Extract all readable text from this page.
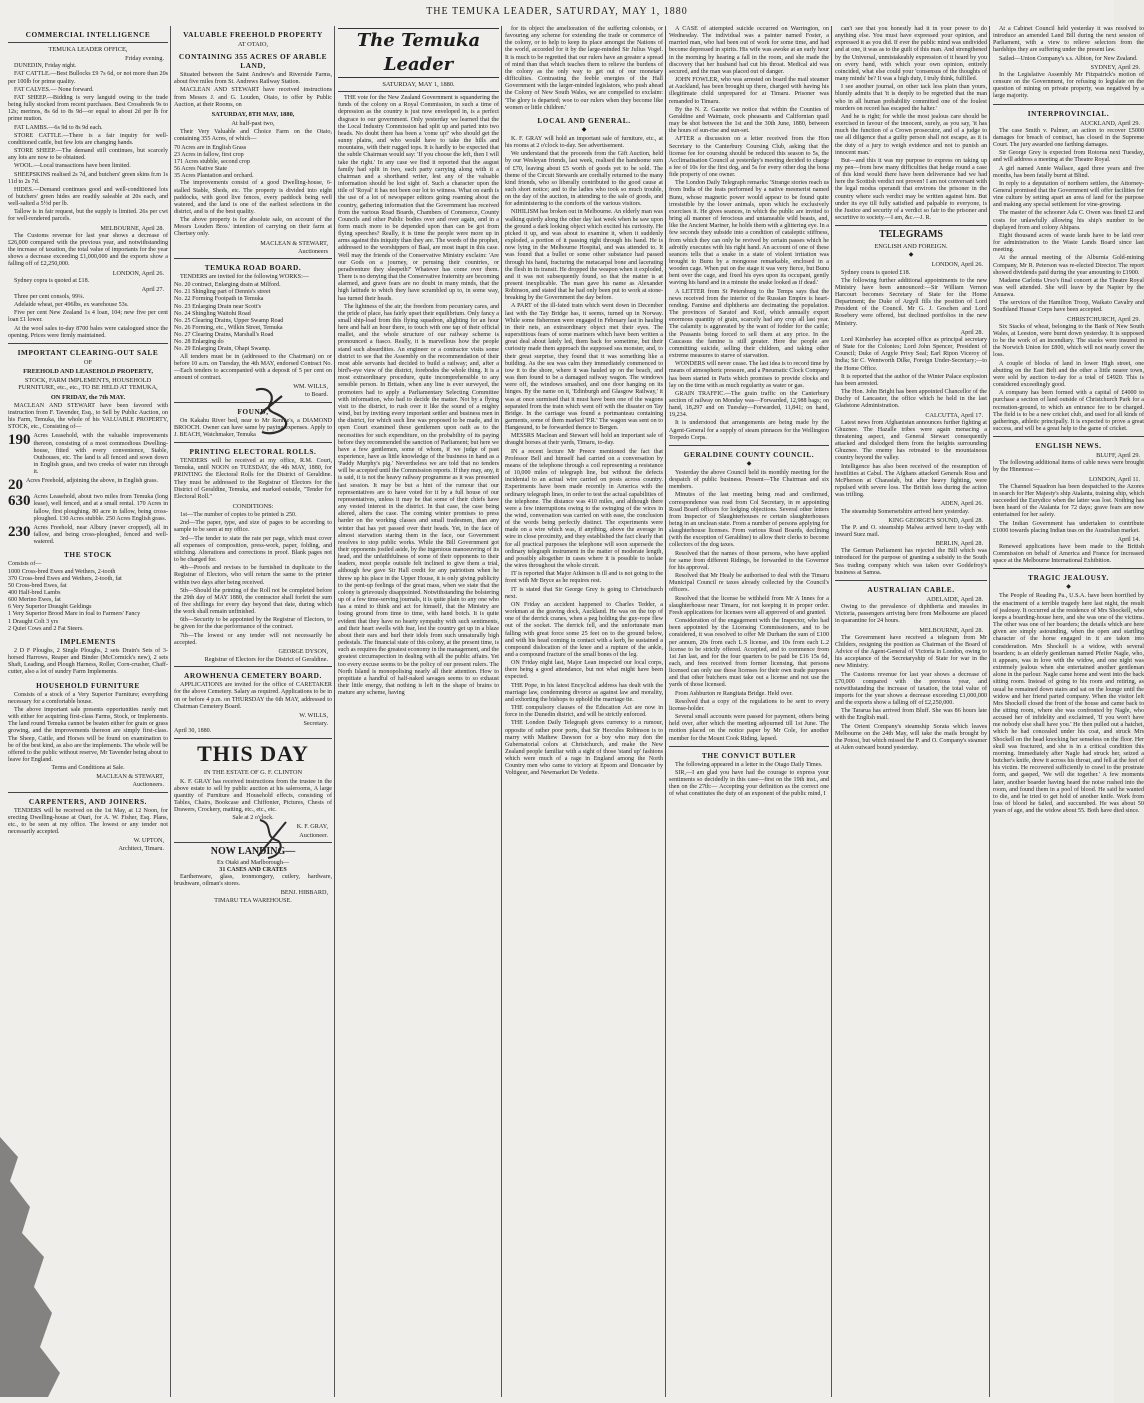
THE TEMUKA LEADER, SATURDAY, MAY 1, 1880
COMMERCIAL INTELLIGENCE
TEMUKA LEADER OFFICE,
Friday evening.

DUNEDIN, Friday night.

FAT CATTLE.—Best Bullocks £9 7s 6d, or not more than 20s per 100lb for prime quality.

FAT CALVES.— None forward.

FAT SHEEP.—Bidding is very languid owing to the trade being fully stocked from recent purchases. Best Crossbreds 9s to 12s; merinos, 8s 6d to 8s 9d—or equal to about 2d per lb for prime mutton.

FAT LAMBS.—6s 9d to 8s 9d each.

STORE CATTLE.—There is a fair inquiry for well-conditioned cattle, but few lots are changing hands.

STORE SHEEP.—The demand still continues, but scarcely any lots are now to be obtained.

WOOL.—Local transactions have been limited.

SHEEPSKINS realised 2s 7d, and butchers' green skins fr.m 1s 11d to 2s 7d.

HIDES.—Demand continues good and well-conditioned lots of butchers' green hides are readily saleable at 20s each, and well-salted a 5½d per lb.

Tallow is in fair request, but the supply is limited. 26s per cwt for well-rendered parcels.

MELBOURNE, April 28.

The Customs revenue for last year shows a decrease of £26,000 compared with the previous year, and notwithstanding the increase of taxation, the total value of importants for the year shows a decrease exceeding £1,000,000 and the exports show a falling off of £2,250,000.

LONDON, April 26.

Sydney copra is quoted at £18.

April 27.

Three per cent consols, 99¼.

Adelaide wheat, per 496lbs, ex warehouse 53s.

Five per cent New Zealand 1s 4 loan, 104; new five per cent loan £1 lower.

At the wool sales to-day 8700 bales were catalogued since the opening. Prices were firmly maintained.

IMPORTANT CLEARING-OUT SALE
OF
FREEHOLD AND LEASEHOLD PROPERTY,
STOCK, FARM IMPLEMENTS, HOUSEHOLD FURNITURE, etc., etc., TO BE HELD AT TEMUKA,
ON FRIDAY, the 7th MAY.

MACLEAN AND STEWART have been favored with instruction from F. Tavender, Esq., to Sell by Public Auction, on his Farm, Temuka, the whole of his VALUABLE PROPERTY, STOCK, etc., Consisting of—

190 Acres Leasehold, with the valuable improvements thereon, consisting of a most commodious Dwelling-house, fitted with every convenience, Stable, Outhouses, etc. The land is all fenced and sown down in English grass, and two creeks of water run through it.
20 Acres Freehold, adjoining the above, in English grass.
630 Acres Leasehold, about two miles from Temuka (long lease), well fenced, and at a small rental. 170 Acres in fallow, first ploughing. 80 acre in fallow, being cross-ploughed. 130 Acres stubble. 250 Acres English grass.
230 Acres Freehold, near Albury (never cropped), all in fallow, and being cross-ploughed, fenced and well-watered.
THE STOCK
Consists of—
1000 Cross-bred Ewes and Wethers, 2-tooth
370 Cross-bred Ewes and Wethers, 2-tooth, fat
50 Cross-bred Ewes, fat
400 Half-bred Lambs
600 Merino Ewes, fat
6 Very Superior Draught Geldings
1 Very Superior Brood Mare in foal to Farmers' Fancy
1 Draught Colt 3 yrs
2 Quiet Cows and 2 Fat Steers.
IMPLEMENTS

2 D F Ploughs, 2 Single Ploughs, 2 sets Drain's Sets of 3-horsed Harrows, Reaper and Binder (McCormick's new), 2 sets Shaft, Leading, and Plough Harness, Roller, Corn-crusher, Chaff-cutter, also a lot of sundry Farm Implements.

HOUSEHOLD FURNITURE

Consists of a stock of a Very Superior Furniture; everything necessary for a comfortable house.

The above important sale presents opportunities rarely met with either for acquiring first-class Farms, Stock, or Implements. The land round Temuka cannot be beaten either for grain or grass growing, and the improvements thereon are simply first-class. The Sheep, Cattle, and Horses will be found on examination to be of the best kind, as also are the implements. The whole will be offered to the public without reserve, Mr Tavender being about to leave for England.

Terms and Conditions at Sale.
MACLEAN & STEWART,
Auctioneers.
CARPENTERS, AND JOINERS.

TENDERS will be received on the 1st May, at 12 Noon, for erecting Dwelling-house at Otari, for A. W. Fisher, Esq. Plans, etc., to be seen at my office. The lowest or any tender not necessarily accepted.

W. UPTON,
Architect, Timaru.
VALUABLE FREEHOLD PROPERTY
AT OTAIO,
CONTAINING 355 ACRES OF ARABLE LAND,

Situated between the Saint Andrew's and Riverside Farms, about five miles from St. Andrews Railway Station.

MACLEAN AND STEWART have received instructions from Messrs J. and G. Louden, Otaio, to offer by Public Auction, at their Rooms, on

SATURDAY, 8TH MAY, 1880,
At half-past two,

Their Very Valuable and Choice Farm on the Otaio, containing 355 Acres, of which—

70 Acres are in English Grass
23 Acres in fallow, first crop
171 Acres stubble, second crop
56 Acres Native State
35 Acres Plantation and orchard.

The improvements consist of a good Dwelling-house, 6-stalled Stable, Sheds, etc. The property is divided into eight paddocks, with good live fences, every paddock being well watered, and the land is one of the earliest selections in the district, and is of the best quality.

The above property is for absolute sale, on account of the Messrs Louden Bros.' intention of carrying on their farm at Chertsey only.

MACLEAN & STEWART,
Auctioneers
TEMUKA ROAD BOARD.

TENDERS are invited for the following WORKS:—

No. 20 contract, Enlarging drain at Milford.
No. 21 Shingling part of Dennis's street
No. 22 Forming Footpath in Temuka
No. 23 Enlarging Drain near Scott's
No. 24 Shingling Waitohi Road
No. 25 Clearing Drains, Upper Swamp Road
No. 26 Forming, etc., Wilkin Street, Temuka
No. 27 Clearing Drains, Marshall's Road
No. 28 Enlarging do
No. 29 Enlarging Drain, Ohapi Swamp.

All tenders must be in (addressed to the Chairman) on or before 10 a.m. on Tuesday, the 4th MAY, endorsed Contract No.—Each tenders to accompanied with a deposit of 5 per cent on amount of contract.

WM. WILLS,
to Board.
FOUND,

On Kakahu River bed, near to Mr Rennie's, a DIAMOND BROOCH. Owner can have same by paying expenses. Apply to J. BEACH, Watchmaker, Temuka

PRINTING ELECTORAL ROLLS.

TENDERS will be received at my office, R.M. Court, Temuka, until NOON on TUESDAY, the 4th MAY, 1880, for PRINTING the Electoral Rolls for the District of Geraldine. They must be addressed to the Registrar of Electors for the District of Geraldine, Temuka, and marked outside, "Tender for Electoral Roll."

CONDITIONS:

1st—The number of copies to be printed is 250.

2nd—The paper, type, and size of pages to be according to sample to be seen at my office.

3rd—The tender to state the rate per page, which must cover all expenses of composition, press-work, paper, folding, and stitching. Alterations and corrections in proof. Blank pages not to be charged for.

4th—Proofs and revises to be furnished in duplicate to the Registrar of Electors, who will return the same to the printer within two days after being received.

5th—Should the printing of the Roll not be completed before the 29th day of MAY 1880, the contractor shall forfeit the sum of five shillings for every day beyond that date, during which the work shall remain unfinished.

6th—Security to be appointed by the Registrar of Electors, to be given for the due performance of the contract.

7th—The lowest or any tender will not necessarily be accepted.

GEORGE DYSON,
Registrar of Electors for the District of Geraldine.
AROWHENUA CEMETERY BOARD.

APPLICATIONS are invited for the office of CARETAKER for the above Cemetery. Salary as required. Applications to be in on or before 4 p.m. on THURSDAY the 6th MAY, addressed to Chairman Cemetery Board.

W. WILLS,
Secretary.
April 30, 1880.
THIS DAY
IN THE ESTATE OF G. F. CLINTON

K. F. GRAY has received instructions from the trustee in the above estate to sell by public auction at his salerooms, A large quantity of Furniture and Household effects, consisting of Tables, Chairs, Bookcase and Chiffonier, Pictures, Chests of Drawers, Crockery, matting, etc., etc., etc.

Sale at 2 o'clock.
K. F. GRAY,
Auctioneer.
NOW LANDING—
Ex Otaki and Marlborough—
31 CASES AND CRATES

Earthenware, glass, ironmongery, cutlery, hardware, brushware, oilman's stores.

BENJ. HIBBARD,
TIMARU TEA WAREHOUSE.
The Temuka Leader
SATURDAY, MAY 1, 1880.

THE vote for the New Zealand Government is squandering the funds of the colony on a Royal Commission, in such a time of depression as the country is just now enveloped in, is a perfect disgrace to our government. Only yesterday we learned that the the Local Industry Commission had split up and parted into two heads. No doubt there has been a 'come up!' who should get the sunny plains, and who would have to take the hills and mountains, with their rugged tops. It is hardly to be expected that the subtle Chairman would say: 'If you choose the left, then I will take the right.' In any case we find it reported that the august family had split in two, each party carrying along with it a chairman and a shorthand writer, lest any of the valuable information should be lost sight of. Such a character upon the title of 'Royal' it has not been our lot to witness. What on earth is the use of a lot of newspaper editors going roaming about the country, gathering information that the Government has received from the various Road Boards, Chambers of Commerce, County Councils and other Public bodies over and over again, and in a form much more to be depended upon than can be got from flying speeches? Really, it is time the people were more up in arms against this iniquity than they are. The words of the prophet, addressed to the worshippers of Baal, are most inapt in this case. Well may the friends of the Conservative Ministry exclaim: 'Are our Gods on a journey, or perusing their countries, or peradventure they sleepeth?' Whatever has come over them. There is no denying that the Conservative fraternity are becoming alarmed, and grave fears are no doubt in many minds, that the high latitude to which they have scrambled up to, in some way, has turned their heads.

The lightness of the air; the freedom from pecuniary cares, and the pride of place, has fairly upset their equilibrium. Only fancy a small ship-load from this flying squadron, alighting for an hour here and half an hour there, to touch with one tap of their official mallet, and the whole structure of our railway scheme is pronounced a fiasco. Really, it is marvellous how the people stand such absurdities. An engineer or a contractor visits some district to see that the Assembly on the recommendation of their most able servants had decided to build a railway; and, after a bird's-eye view of the district, forebodes the whole thing. It is a most extraordinary procedure, quite incomprehensible to any sensible person. In Britain, when any line is ever surveyed, the promoters had to apply a Parliamentary Selecting Committee with information, who had to decide the matter. Not by a flying visit to the district, to rush over it like the sound of a mighty wind, but by inviting every important settler and business men in the district, for which such line was proposed to be made, and in open Court examined these gentlemen upon oath as to the necessities for such expenditure, on the probability of its paying before they recommended the sanction of Parliament; but here we have a few gentlemen, some of whom, if we judge of past experience, have as little knowledge of the business in hand as a 'Paddy Murphy's pig.' Nevertheless we are told that no tenders will be accepted until the Commission reports. If they may, any, it is said, it is not the heavy railway programme as it was presented last session. It may be but a hint of the rumour that our representatives are to have voted for it by a full house of our representatives, unless it may be that some of their chiefs have any vested interest in the district. In that case, the case being altered, alters the case. The coming winter promises to press harder on the working classes and small tradesmen, than any winter that has yet passed over their heads. Yet, in the face of almost starvation staring them in the face, our Government resolves to stop public works. While the Bill Government got their opponents jostled aside, by the ingenious manoeuvring of its head, and the unfaithfulness of some of their opponents to their leaders, most people outside felt inclined to give them a trial, although few gave Sir Hall credit for any patriotism when he threw up his place in the Upper House, it is only giving publicity to the pent-up feelings of the great mass, when we state that the colony is grievously disappointed. Notwithstanding the bolstering up of a few time-serving journals, it is quite plain to any one who has a mind to think and act for himself, that the Ministry are losing ground from time to time, with hand botch. It is quite evident that they have no hearty sympathy with such sentiments, and their heart swells with fear, lest the country get up in a blaze about their ears and hurl their idols from such unnaturally high pedestals. The financial state of this colony, at the present time, is such as requires the greatest economy in the management, and the greatest circumspection in dealing with all the public affairs. Yet too every excuse seems to be the policy of our present rulers. The North Island is monopolising nearly all their attention. How to propitiate a handful of half-naked savages seems to so exhaust their little energy, that nothing is left in the shape of brains to mature any scheme, having

for its object the amelioration of the suffering colonists, or favouring any scheme for extending the trade or commerce of the colony, or to help to keep its place amongst the Nations of the world, accorded for it by the large-minded Sir Julius Vogel. It is much to be regretted that our rulers have an greater a spread of mind than that which teaches them to relieve the burdens of the colony as the only way to get out of our monetary difficulties. Contrasting the feeble energies of the Hall Government with the larger-minded legislators, who push ahead the Colony of New South Wales, we are compelled to exclaim: 'The glory is departed; woe to our rulers when they become like women or little children.'

LOCAL AND GENERAL.
◆

K. F. GRAY will hold an important sale of furniture, etc., at his rooms at 2 o'clock to-day. See advertisement.

We understand that the proceeds from the Gift Auction, held by our Wesleyan friends, last week, realised the handsome sum of £70, leaving about £5 worth of goods yet to be sold. The theme of the Circuit Stewards are cordially returned to the many kind friends, who so liberally contributed to the good cause at such short notice; and to the ladies who took so much trouble, on the day of the auction, in attending to the sale of goods, and for administering to the comforts of the various visitors.

NIHILISM has broken out in Melbourne. An elderly man was walking quietly along the other day last week when he saw upon the ground a dark looking object which excited his curiosity. He picked it up, and was about to examine it, when it suddenly exploded, a portion of it passing right through his hand. He is now lying in the Melbourne Hospital, and was attended to. It was found that a bullet or some other substance had passed through his hand, fracturing the metacarpal bone and lacerating the flesh in its transit. He dropped the weapon when it exploded, and it was not subsequently found, so that the matter is at present inexplicable. The man gave his name as Alexander Robinson, and stated that he had only been put to work at stone-breaking by the Government the day before.

A PART of the ill-fated train which went down in December last with the Tay Bridge has, it seems, turned up in Norway. While some fishermen were engaged in February last in hauling in their nets, an extraordinary object met their eyes. The superstitious fears of some mariners which have been written a great deal about lately led, them back for sometime, but their curiosity made them approach the supposed sea monster, and, to their great surprise, they found that it was something like a building. As the sea was calm they immediately commenced to tow it to the shore, where it was hauled up on the beach, and was then found to be a damaged railway wagon. The windows were off, the windows smashed, and one door hanging on its hinges. By the name on it, 'Edinburgh and Glasgow Railway,' it was at once surmised that it must have been one of the wagons separated from the train which went off with the disaster on Tay Bridge. In the carriage was found a portmanteau containing garments, some of them marked 'P.R.' The wagon was sent on to Hangesund, to be forwarded thence to Bergen.

MESSRS Maclean and Stewart will hold an important sale of draught horses at their yards, Timaru, to-day.

IN a recent lecture Mr Preece mentioned the fact that Professor Bell and himself had carried on a conversation by means of the telephone through a coil representing a resistance of 10,000 miles of telegraph line, but without the defects incidental to an actual wire carried on posts across country. Experiments have been made recently in America with the ordinary telegraph lines, in order to test the actual capabilities of the telephone. The distance was 410 miles, and although there were a few interruptions owing to the swinging of the wires in the wind, conversation was carried on with ease, the conclusion of the words being perfectly distinct. The experiments were made on a wire which was, if anything, above the average in wire in close proximity, and they established the fact clearly that for all practical purposes the telephone will soon supersede the ordinary telegraph instrument in the matter of moderate length, and possibly altogether in cases where it is possible to isolate the wires throughout the whole circuit.

IT is reported that Major Atkinson is ill and is not going to the front with Mr Bryce as he requires rest.

IT is stated that Sir George Grey is going to Christchurch next.

ON Friday an accident happened to Charles Tedder, a workman at the graving dock, Auckland. He was on the top of one of the derrick cranes, when a peg holding the guy-rope flew out of the socket. The derrick fell, and the unfortunate man falling with great force some 25 feet on to the ground below, and with his head coming in contact with a kerb, he sustained a compound dislocation of the knee and a rupture of the ankle, and a compound fracture of the small bones of the leg.

ON Friday night last, Major Lean inspected our local corps, there being a good attendance, but not what might have been expected.

THE Pope, in his latest Encyclical address has dealt with the marriage law, condemning divorce as against law and morality, and exhorting the bishops to uphold the marriage tie.

THE compulsory clauses of the Education Act are now in force in the Dunedin district, and will be strictly enforced.

THE London Daily Telegraph gives currency to a rumour, opposite of rather poor ports, that Sir Hercules Robinson is to marry with Mathew Dawson for a boy who may don the Gubernatorial colors at Christchurch, and make the New Zealand people familiar with a sight of those 'stand up' fashions which were much of a rage in England among the North Country men who came to victory at Epsom and Doncaster by Voltigeur, and Newmarket De Vedette.

A CASE of attempted suicide occurred on Warrington, on Wednesday. The individual was a painter named Foster, a married man, who had been out of work for some time, and had become depressed in spirits. His wife was awoke at an early hour in the morning by hearing a fall in the room, and she made the discovery that her husband had cut his throat. Medical aid was secured, and the man was placed out of danger.

JOHN FOWLER, who was arrested on board the mail steamer at Auckland, has been brought up there, charged with having his illegitimate child unprepared for at Timaru. Prisoner was remanded to Timaru.

By the N. Z. Gazette we notice that within the Counties of Geraldine and Waimate, cock pheasants and Californian quail may be shot between the 1st and the 30th June, 1880, between the hours of sun-rise and sun-set.

AFTER a discussion on a letter received from the Hon Secretary to the Canterbury Coursing Club, asking that the license fee for coursing should be reduced this season to 5s, the Acclimatisation Council at yesterday's meeting decided to charge a fee of 10s for the first dog, and 5s for every other dog the bona fide property of one owner.

The London Daily Telegraph remarks: 'Strange stories reach us from India of the feats performed by a native mesmerist named Bunu, whose magnetic power would appear to be found quite irresistible by the lower animals, upon which he exclusively exercises it. He gives seances, in which the public are invited to bring all manner of ferocious and untameable wild beasts, and, like the Ancient Mariner, he holds them with a glittering eye. In a few seconds they subside into a condition of cataleptic stiffness, from which they can only be revived by certain passes which he adroitly executes with his right hand. An account of one of these seances tells that a snake in a state of violent irritation was brought to Bunu by a mongoose remarkable, enclosed in a wooden cage. When put on the stage it was very fierce, but Bunu bent over the cage, and fixed his eyes upon its occupant, gently waving his hand and in a minute the snake looked as if dead.'

A LETTER from St Petersburg to the Temps says that the news received from the interior of the Russian Empire is heart-rending. Famine and diphtheria are decimating the population. The provinces of Saratof and Koif, which annually export enormous quantity of grain, scarcely had any crop all last year. The calamity is aggravated by the want of fodder for the cattle; the Peasants being forced to sell them at any price. In the Caucasus the famine is still greater. Here the people are committing suicide, selling their children, and taking other extreme measures to starve of starvation.

WONDERS will never cease. The last idea is to record time by means of atmospheric pressure, and a Pneumatic Clock Company has been started in Paris which promises to provide clocks and lay on the time with as much regularity as water or gas.

GRAIN TRAFFIC.—The grain traffic on the Canterbury section of railway on Monday was—Forwarded, 12,988 bags; on hand, 18,297 and on Tuesday—Forwarded, 11,841; on hand, 19,234.

It is understood that arrangements are being made by the Agent-General for a supply of steam pinnaces for the Wellington Torpedo Corps.

GERALDINE COUNTY COUNCIL.
◆

Yesterday the above Council held its monthly meeting for the despatch of public business. Present—The Chairman and six members.

Minutes of the last meeting being read and confirmed, correspondence was read from Col Secretary, in re appointing Road Board officers for lodging objections. Several other letters from Inspector of Slaughterhouses re certain slaughterhouses being in an unclean state. From a number of persons applying for slaughterhouse licenses. From various Road Boards, declining (with the exception of Geraldine) to allow their clerks to become collectors of the dog taxes.

Resolved that the names of those persons, who have applied for same from different Ridings, be forwarded to the Governor for his approval.

Resolved that Mr Healy be authorised to deal with the Timaru Municipal Council re taxes already collected by the Council's officers.

Resolved that the license be withheld from Mr A Innes for a slaughterhouse near Timaru, for not keeping it in proper order. Fresh applications for licenses were all approved of and granted.

Consideration of the engagement with the Inspector, who had been appointed by the Licensing Commissioners, and to be considered, it was resolved to offer Mr Durham the sum of £100 per annum, 20s from each L.S license, and 10s from each L.2 license to be strictly offered. Accepted, and to commence from 1st Jan last, and for the four quarters to be paid be £16 15s 6d, each, and fees received from former licensing, that persons licensed can only use those licenses for their own trade purposes and that other butchers must take out a license and not use the yards of those licensed.

From Ashburton re Rangitata Bridge. Held over.

Resolved that a copy of the regulations to be sent to every license-holder.

Several small accounts were passed for payment, others being held over, after which the meeting adjourned till 1st June. The motion placed on the notice paper by Mr Cole, for another member for the Mount Cook Riding, lapsed.

THE CONVICT BUTLER

The following appeared in a letter in the Otago Daily Times.

SIR,—I am glad you have had the courage to express your sentiments so decidedly in this case—first on the 19th inst., and then on the 27th:— Accepting your definition as the correct one of what constitutes the duty of an exponent of the public mind, I

can't see that you honestly had it in your power to do anything else. You must have expressed your opinion, and expressed it as you did. If ever the public mind was undivided and at one, it was as to the guilt of this man. And strengthened by the Universal, unmistakeably expression of it heard by you on every hand, with which your own opinion, entirely coincided, what else could your 'consensus of the thoughts of many minds' be? It was a high duty, I truly think, fulfilled.

I see another journal, on other tack less plain than yours, bluntly admits that 'it is deeply to be regretted that the man who in all human probability committed one of the foulest murders on record has escaped the halter.'

And he is right; for while the most jealous care should be exercised in favour of the innocent, surely, as you say, 'it has much the function of a Crown prosecutor, and of a judge to use all diligence that a guilty person shall not escape, as it is the duty of a jury to weigh evidence and not to punish an innocent man.'

But—and this it was my purpose to express on taking up my pen—from how many difficulties that hedge round a case of this kind would there have been deliverance had we had here the Scottish verdict not proven! I am not conversant with the legal modus operandi that environs the prisoner in the country where such verdict may be written against him. But under its eye till fully satisfied and palpable to everyone, is the Justice and security of a verdict so fair to the prisoner and securitive to society.—I am, &c.—J. R.

TELEGRAMS
ENGLISH AND FOREIGN.
◆
LONDON, April 26.

Sydney coura is quoted £18.

The following further additional appointments to the new Ministry have been announced:—Sir William Vernon Harcourt becomes Secretary of State for the Home Department; the Duke of Argyll fills the position of Lord President of the Council. Mr G. J. Goschen and Lord Rosebery were offered, but declined portfolios in the new Ministry.

April 28.

Lord Kimberley has accepted office as principal secretary of State for the Colonies; Lord John Spencer, President of Council; Duke of Argyle Privy Seal; Earl Ripon Viceroy of India; Sir C. Wentworth Dilke, Foreign Under-Secretary;—to the Home Office.

It is reported that the author of the Winter Palace explosion has been arrested.

The Hon. John Bright has been appointed Chancellor of the Duchy of Lancaster, the office which he held in the last Gladstone Administration.

CALCUTTA, April 17.

Latest news from Afghanistan announces further fighting at Ghuznee. The Hazalle tribes were again menacing a threatening aspect, and General Stewart consequently attacked and dislodged them from the heights surrounding Ghuznee. The enemy has retreated to the mountainous country beyond the valley.

Intelligence has also been received of the resumption of hostilities at Cabul. The Afghans attacked Generals Ross and McPherson at Charasiab, but after heavy fighting, were repulsed with severe loss. The British loss during the action was trifling.

ADEN, April 26.

The steamship Somersetshire arrived here yesterday.

KING GEORGE'S SOUND, April 28.

The P. and O. steamship Malwa arrived here to-day with inward Suez mail.

BERLIN, April 28.

The German Parliament has rejected the Bill which was introduced for the purpose of granting a subsidy to the South Sea trading company which was taken over Goddefroy's business at Samoa.

AUSTRALIAN CABLE.
ADELAIDE, April 28.

Owing to the prevalence of diphtheria and measles in Victoria, passengers arriving here from Melbourne are placed in quarantine for 24 hours.

MELBOURNE, April 28.

The Government have received a telegram from Mr Childers, resigning the position as Chairman of the Board of Advice of the Agent-General of Victoria in London, owing to his acceptance of the Secretaryship of State for war in the new Ministry.

The Customs revenue for last year shows a decrease of £70,000 compared with the previous year, and notwithstanding the increase of taxation, the total value of imports for the year shows a decrease exceeding £1,000,000 and the exports show a falling off of £2,250,000.

The Tararua has arrived from Bluff. She was 86 hours late with the English mail.

The Orient Company's steamship Sorata which leaves Melbourne on the 24th May, will take the mails brought by the Potosi, but which missed the P. and O. Company's steamer at Aden outward bound yesterday.

At a Cabinet Council held yesterday it was resolved to introduce an amended Land Bill during the next session of Parliament, with a view to relieve selectors from the hardships they are suffering under the present law.

Sailed—Union Company's s.s. Albion, for New Zealand.

SYDNEY, April 29.

In the Legislative Assembly Mr Fitzpatrick's motion of censure on the Government, for refusing to legislate on the question of mining on private property, was negatived by a large majority.

INTERPROVINCIAL.
AUCKLAND, April 29.

The case Smith v. Palmer, an action to recover £5000 damages for breach of contract, has closed in the Supreme Court. The jury awarded one farthing damages.

Sir George Grey is expected from Rotorua next Tuesday, and will address a meeting at the Theatre Royal.

A girl named Annie Wallace, aged three years and five months, has been fatally burnt at Blind.

In reply to a deputation of northern settlers, the Attorney-General promised that the Government will offer facilities for vine culture by setting apart an area of land for the purpose and making any special settlement for vine-growing.

The master of the schooner Ada C. Owen was fined £2 and costs for unlawfully allowing his ship's number to be displayed from and colony Ahipara.

Eight thousand acres of waste lands have to be laid over for administration to the Waste Lands Board since last meeting.

At the annual meeting of the Alburnia Gold-mining Company, Mr R. Peterson was re-elected Director. The report showed dividends paid during the year amounting to £1900.

Madame Carlotta Urso's final concert at the Theatre Royal was well attended. She will leave by the Napier by the Anuawa.

The services of the Hamilton Troop, Waikato Cavalry and Southland Hussar Corps have been accepted.

CHRISTCHURCH, April 29.

Six Stacks of wheat, belonging to the Bank of New South Wales, at Leeston, were burnt down yesterday. It is supposed to be the work of an incendiary. The stacks were insured in the Norwich Union for £800, which will not nearly cover the loss.

A couple of blocks of land in lower High street, one abutting on the East Belt and the other a little nearer town, were sold by auction to-day for a total of £4920. This is considered exceedingly good.

A company has been formed with a capital of £4000 to purchase a section of land outside of Christchurch Park for a recreation-ground, to which an entrance fee to be charged. The field is to be a new cricket club, and used for all kinds of gatherings, athletic principally. It is expected to prove a great success, and will be a great help to the game of cricket.

ENGLISH NEWS.
BLUFF, April 29.

The following additional items of cable news were brought by the Hinemoa:—

LONDON, April 11.

The Channel Squadron has been despatched to the Azores in search for Her Majesty's ship Atalanta, training ship, which succeeded the Eurydice when the latter was lost. Nothing has been heard of the Atalanta for 72 days; grave fears are now entertained for her safety.

The Indian Government has undertaken to contribute £1000 towards placing Indian teas on the Australian market.

April 14.

Renewed applications have been made to the British Commission on behalf of America and France for increased space at the Melbourne International Exhibition.

TRAGIC JEALOUSY.
◆

The People of Reading Pa., U.S.A. have been horrified by the enactment of a terrible tragedy here last night, the result of jealousy. It occurred at the residence of Mrs Shockell, who keeps a boarding-house here, and she was one of the victims. The other was one of her boarders; the details which are here given are simply astounding, when the open and startling character of the horse engaged in it are taken into consideration. Mrs Shockell is a widow, with several boarders; is an elderly gentleman named Pfeifer Nagle, who, it appears, was in love with the widow, and one night was extremely jealous when she entertained another gentleman alone in the parlour. Nagle came home and went into the back sitting room. Instead of going to his room and retiring, as usual he remained down stairs and sat on the lounge until the widow and her friend parted company. When the visitor left Mrs Shockell closed the front of the house and came back to the sitting room, where she was confronted by Nagle, who accused her of infidelity and exclaimed, 'If you won't have me nobody else shall have you.' He then pulled out a hatchet, which he had concealed under his coat, and struck Mrs Shockell on the head knocking her senseless on the floor. Her skull was fractured, and she is in a critical condition this morning. Immediately after Nagle had struck her, seized a butcher's knife, drew it across his throat, and fell at the feet of his victim. He recovered sufficiently to crawl to the prostrate form, and gasped, 'We will die together.' A few moments later, another boarder having heard the noise rushed into the room, and found them in a pool of blood. He said he wanted to die, and he tried to get hold of another knife. Work from loss of blood he failed, and succumbed. He was about 50 years of age, and the widow about 55. Both have died since.
